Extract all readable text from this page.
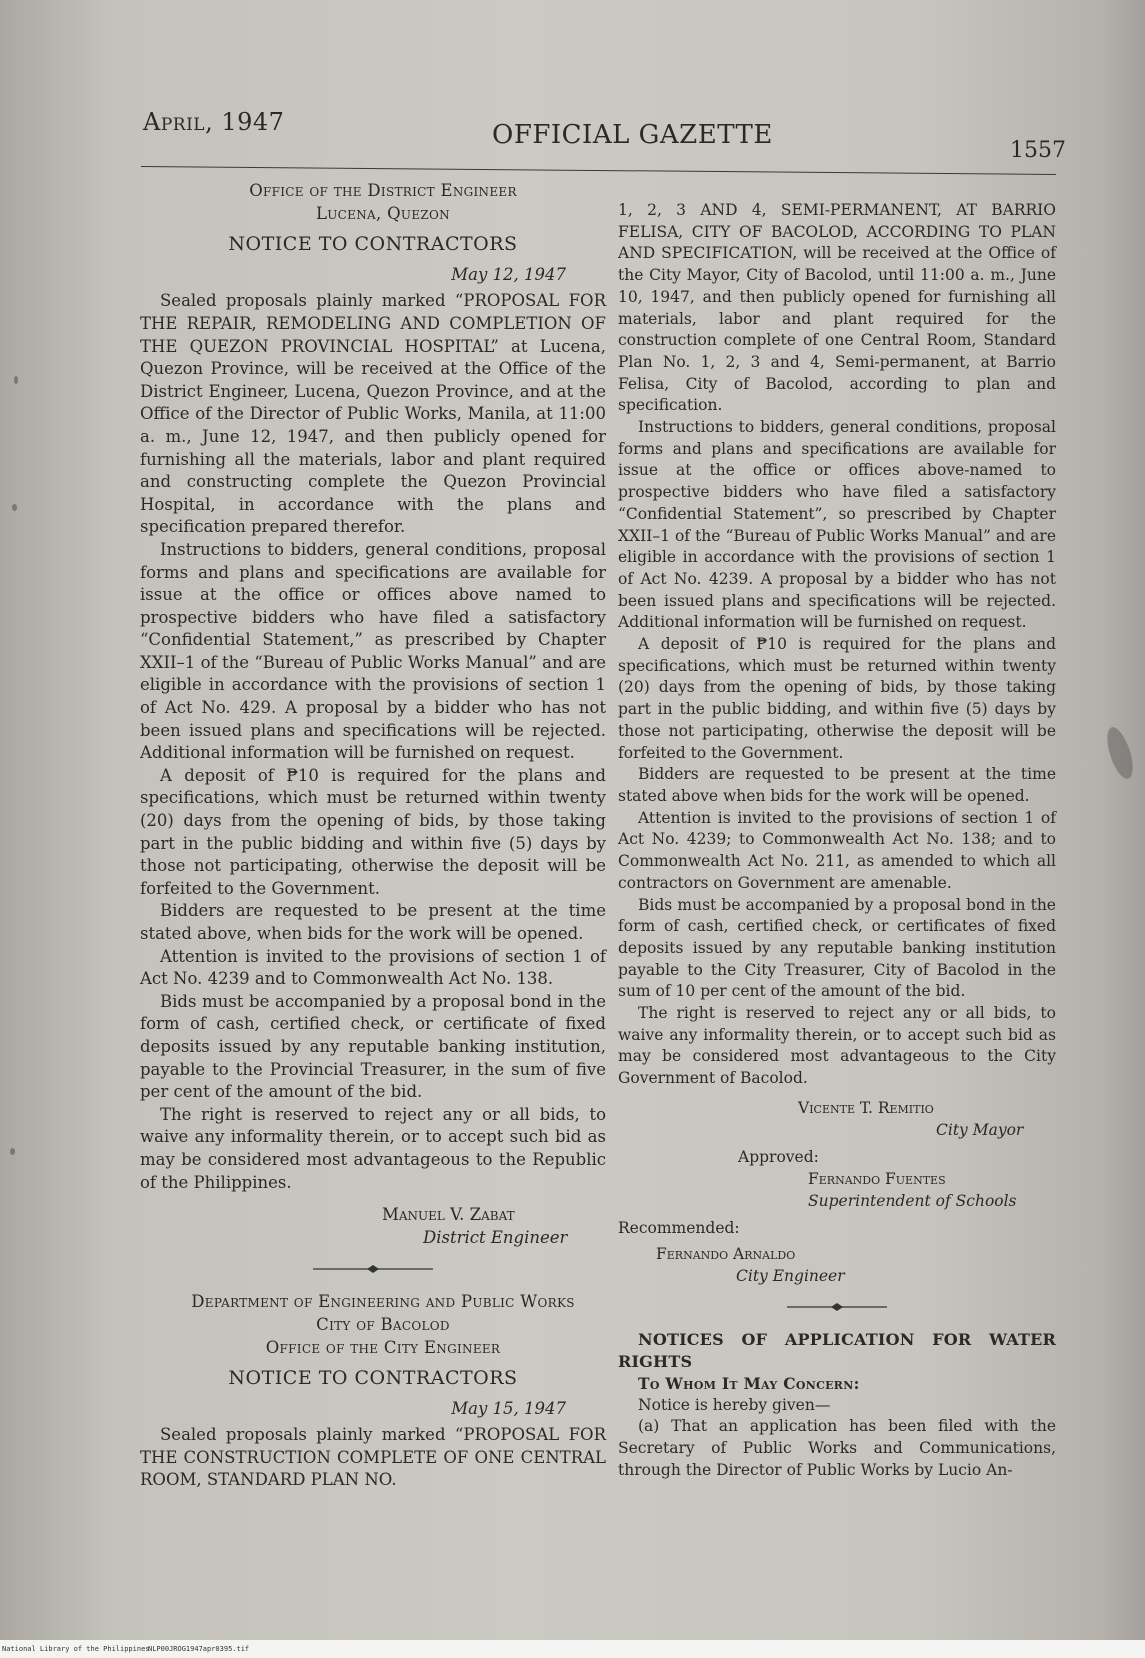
April, 1947	OFFICIAL GAZETTE
1557

Office of the District Engineer

Lucena, Quezon

NOTICE TO CONTRACTORS
May 12, 1947

Sealed proposals plainly marked “PROPOSAL FOR THE REPAIR, REMODELING AND COMPLETION OF THE QUEZON PROVINCIAL HOSPITAL” at Lucena, Quezon Province, will be received at the Office of the District Engineer, Lucena, Quezon Province, and at the Office of the Director of Public Works, Manila, at 11:00 a. m., June 12, 1947, and then publicly opened for furnishing all the materials, labor and plant required and constructing complete the Quezon Provincial Hospital, in accordance with the plans and specification prepared therefor.

Instructions to bidders, general conditions, proposal forms and plans and specifications are available for issue at the office or offices above named to prospective bidders who have filed a satisfactory “Confidential Statement,” as prescribed by Chapter XXII–1 of the “Bureau of Public Works Manual” and are eligible in accordance with the provisions of section 1 of Act No. 429. A proposal by a bidder who has not been issued plans and specifications will be rejected. Additional information will be furnished on request.

A deposit of ₱10 is required for the plans and specifications, which must be returned within twenty (20) days from the opening of bids, by those taking part in the public bidding and within five (5) days by those not participating, otherwise the deposit will be forfeited to the Government.

Bidders are requested to be present at the time stated above, when bids for the work will be opened.

Attention is invited to the provisions of section 1 of Act No. 4239 and to Commonwealth Act No. 138.

Bids must be accompanied by a proposal bond in the form of cash, certified check, or certificate of fixed deposits issued by any reputable banking institution, payable to the Provincial Treasurer, in the sum of five per cent of the amount of the bid.

The right is reserved to reject any or all bids, to waive any informality therein, or to accept such bid as may be considered most advantageous to the Republic of the Philippines.

Manuel V. Zabat
District Engineer

Department of Engineering and Public Works

City of Bacolod

Office of the City Engineer

NOTICE TO CONTRACTORS
May 15, 1947

Sealed proposals plainly marked “PROPOSAL FOR THE CONSTRUCTION COMPLETE OF ONE CENTRAL ROOM, STANDARD PLAN NO.

1, 2, 3 AND 4, SEMI-PERMANENT, AT BARRIO FELISA, CITY OF BACOLOD, ACCORDING TO PLAN AND SPECIFICATION, will be received at the Office of the City Mayor, City of Bacolod, until 11:00 a. m., June 10, 1947, and then publicly opened for furnishing all materials, labor and plant required for the construction complete of one Central Room, Standard Plan No. 1, 2, 3 and 4, Semi-permanent, at Barrio Felisa, City of Bacolod, according to plan and specification.

Instructions to bidders, general conditions, proposal forms and plans and specifications are available for issue at the office or offices above-named to prospective bidders who have filed a satisfactory “Confidential Statement”, so prescribed by Chapter XXII–1 of the “Bureau of Public Works Manual” and are eligible in accordance with the provisions of section 1 of Act No. 4239. A proposal by a bidder who has not been issued plans and specifications will be rejected. Additional information will be furnished on request.

A deposit of ₱10 is required for the plans and specifications, which must be returned within twenty (20) days from the opening of bids, by those taking part in the public bidding, and within five (5) days by those not participating, otherwise the deposit will be forfeited to the Government.

Bidders are requested to be present at the time stated above when bids for the work will be opened.

Attention is invited to the provisions of section 1 of Act No. 4239; to Commonwealth Act No. 138; and to Commonwealth Act No. 211, as amended to which all contractors on Government are amenable.

Bids must be accompanied by a proposal bond in the form of cash, certified check, or certificates of fixed deposits issued by any reputable banking institution payable to the City Treasurer, City of Bacolod in the sum of 10 per cent of the amount of the bid.

The right is reserved to reject any or all bids, to waive any informality therein, or to accept such bid as may be considered most advantageous to the City Government of Bacolod.

Vicente T. Remitio
City Mayor
Approved:
Fernando Fuentes
Superintendent of Schools
Recommended:
Fernando Arnaldo
City Engineer

NOTICES OF APPLICATION FOR WATER RIGHTS

To Whom It May Concern:

Notice is hereby given—

(a) That an application has been filed with the Secretary of Public Works and Communications, through the Director of Public Works by Lucio An-

National Library of the Philippines
NLP00JROG1947apr0395.tif
